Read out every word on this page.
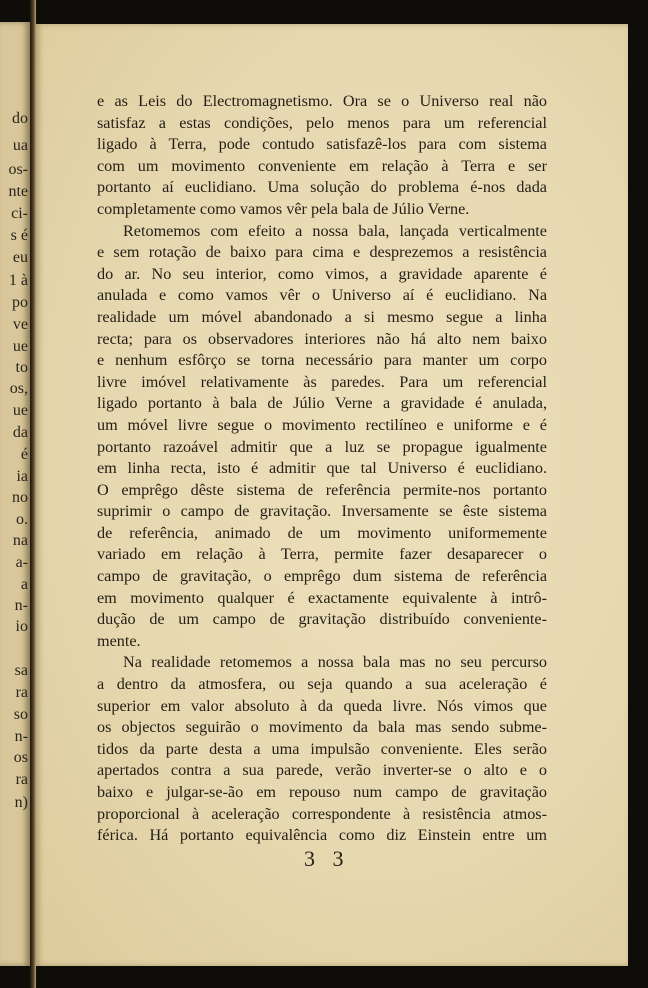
do
ua
os-
nte
ci-
s é
eu
1 à
po
ve
ue
to
os,
ue
da
é
ia
no
o.
na
a-
a
n-
io
sa
ra
so
n-
os
ra
n)
e as Leis do Electromagnetismo. Ora se o Universo real não
satisfaz a estas condições, pelo menos para um referencial
ligado à Terra, pode contudo satisfazê-los para com sistema
com um movimento conveniente em relação à Terra e ser
portanto aí euclidiano. Uma solução do problema é-nos dada
completamente como vamos vêr pela bala de Júlio Verne.
Retomemos com efeito a nossa bala, lançada verticalmente
e sem rotação de baixo para cima e desprezemos a resistência
do ar. No seu interior, como vimos, a gravidade aparente é
anulada e como vamos vêr o Universo aí é euclidiano. Na
realidade um móvel abandonado a si mesmo segue a linha
recta; para os observadores interiores não há alto nem baixo
e nenhum esfôrço se torna necessário para manter um corpo
livre imóvel relativamente às paredes. Para um referencial
ligado portanto à bala de Júlio Verne a gravidade é anulada,
um móvel livre segue o movimento rectilíneo e uniforme e é
portanto razoável admitir que a luz se propague igualmente
em linha recta, isto é admitir que tal Universo é euclidiano.
O emprêgo dêste sistema de referência permite-nos portanto
suprimir o campo de gravitação. Inversamente se êste sistema
de referência, animado de um movimento uniformemente
variado em relação à Terra, permite fazer desaparecer o
campo de gravitação, o emprêgo dum sistema de referência
em movimento qualquer é exactamente equivalente à intrô-
dução de um campo de gravitação distribuído conveniente-
mente.
Na realidade retomemos a nossa bala mas no seu percurso
a dentro da atmosfera, ou seja quando a sua aceleração é
superior em valor absoluto à da queda livre. Nós vimos que
os objectos seguirão o movimento da bala mas sendo subme-
tidos da parte desta a uma impulsão conveniente. Eles serão
apertados contra a sua parede, verão inverter-se o alto e o
baixo e julgar-se-ão em repouso num campo de gravitação
proporcional à aceleração correspondente à resistência atmos-
férica. Há portanto equivalência como diz Einstein entre um
3 3
